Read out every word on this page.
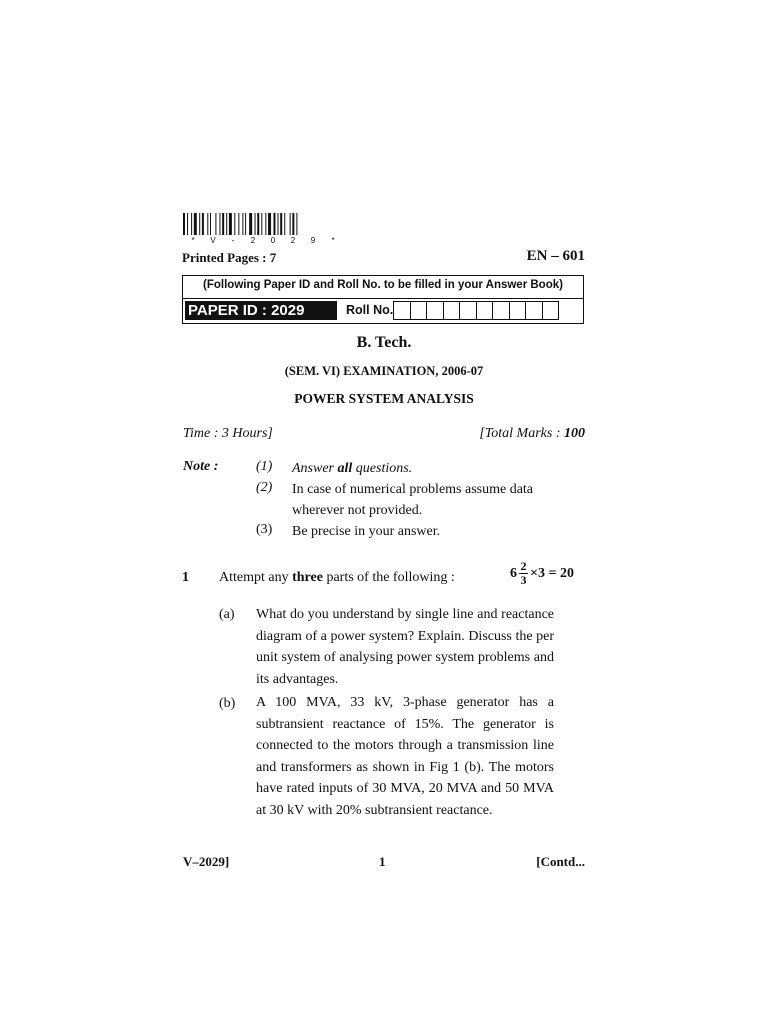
* V - 2 0 2 9 *
Printed Pages : 7	EN – 601
(Following Paper ID and Roll No. to be filled in your Answer Book)
PAPER ID : 2029	Roll No.
B. Tech.
(SEM. VI) EXAMINATION, 2006-07
POWER SYSTEM ANALYSIS
Time : 3 Hours]	[Total Marks : 100
Note :	(1) Answer all questions.
(2) In case of numerical problems assume data wherever not provided.
(3) Be precise in your answer.
1 Attempt any three parts of the following :	$6 \frac{2}{3} \times 3 = 20$
(a) What do you understand by single line and reactance diagram of a power system? Explain. Discuss the per unit system of analysing power system problems and its advantages.
(b) A 100 MVA, 33 kV, 3-phase generator has a subtransient reactance of 15%. The generator is connected to the motors through a transmission line and transformers as shown in Fig 1 (b). The motors have rated inputs of 30 MVA, 20 MVA and 50 MVA at 30 kV with 20% subtransient reactance.
V–2029]	1	[Contd...
